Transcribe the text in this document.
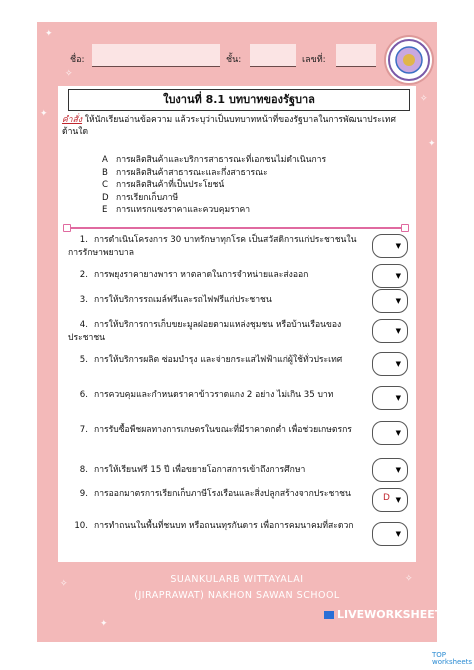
✦
✧
✦
✧
✦
✧
✦
✧
ชื่อ:	ชั้น:	เลขที่:
ใบงานที่ 8.1 บทบาทของรัฐบาล
คำสั่ง ให้นักเรียนอ่านข้อความ แล้วระบุว่าเป็นบทบาทหน้าที่ของรัฐบาลในการพัฒนาประเทศด้านใด
A การผลิตสินค้าและบริการสาธารณะที่เอกชนไม่ดำเนินการ
B การผลิตสินค้าสาธารณะและกึ่งสาธารณะ
C การผลิตสินค้าที่เป็นประโยชน์
D การเรียกเก็บภาษี
E การแทรกแซงราคาและควบคุมราคา
1. การดำเนินโครงการ 30 บาทรักษาทุกโรค เป็นสวัสดิการแก่ประชาชนในการรักษาพยาบาล
▼
2. การพยุงราคายางพารา หาตลาดในการจำหน่ายและส่งออก	▼
3. การให้บริการรถเมล์ฟรีและรถไฟฟรีแก่ประชาชน	▼
4. การให้บริการการเก็บขยะมูลฝอยตามแหล่งชุมชน หรือบ้านเรือนของประชาชน
▼
5. การให้บริการผลิต ซ่อมบำรุง และจ่ายกระแสไฟฟ้าแก่ผู้ใช้ทั่วประเทศ	▼
6. การควบคุมและกำหนดราคาข้าวราดแกง 2 อย่าง ไม่เกิน 35 บาท	▼
7. การรับซื้อพืชผลทางการเกษตรในขณะที่มีราคาตกต่ำ เพื่อช่วยเกษตรกร	▼
8. การให้เรียนฟรี 15 ปี เพื่อขยายโอกาสการเข้าถึงการศึกษา	▼
9. การออกมาตรการเรียกเก็บภาษีโรงเรือนและสิ่งปลูกสร้างจากประชาชน	D ▼
10. การทำถนนในพื้นที่ชนบท หรือถนนทุรกันดาร เพื่อการคมนาคมที่สะดวก
▼
SUANKULARB WITTAYALAI
(JIRAPRAWAT) NAKHON SAWAN SCHOOL
LIVEWORKSHEETS
TOP
worksheets
